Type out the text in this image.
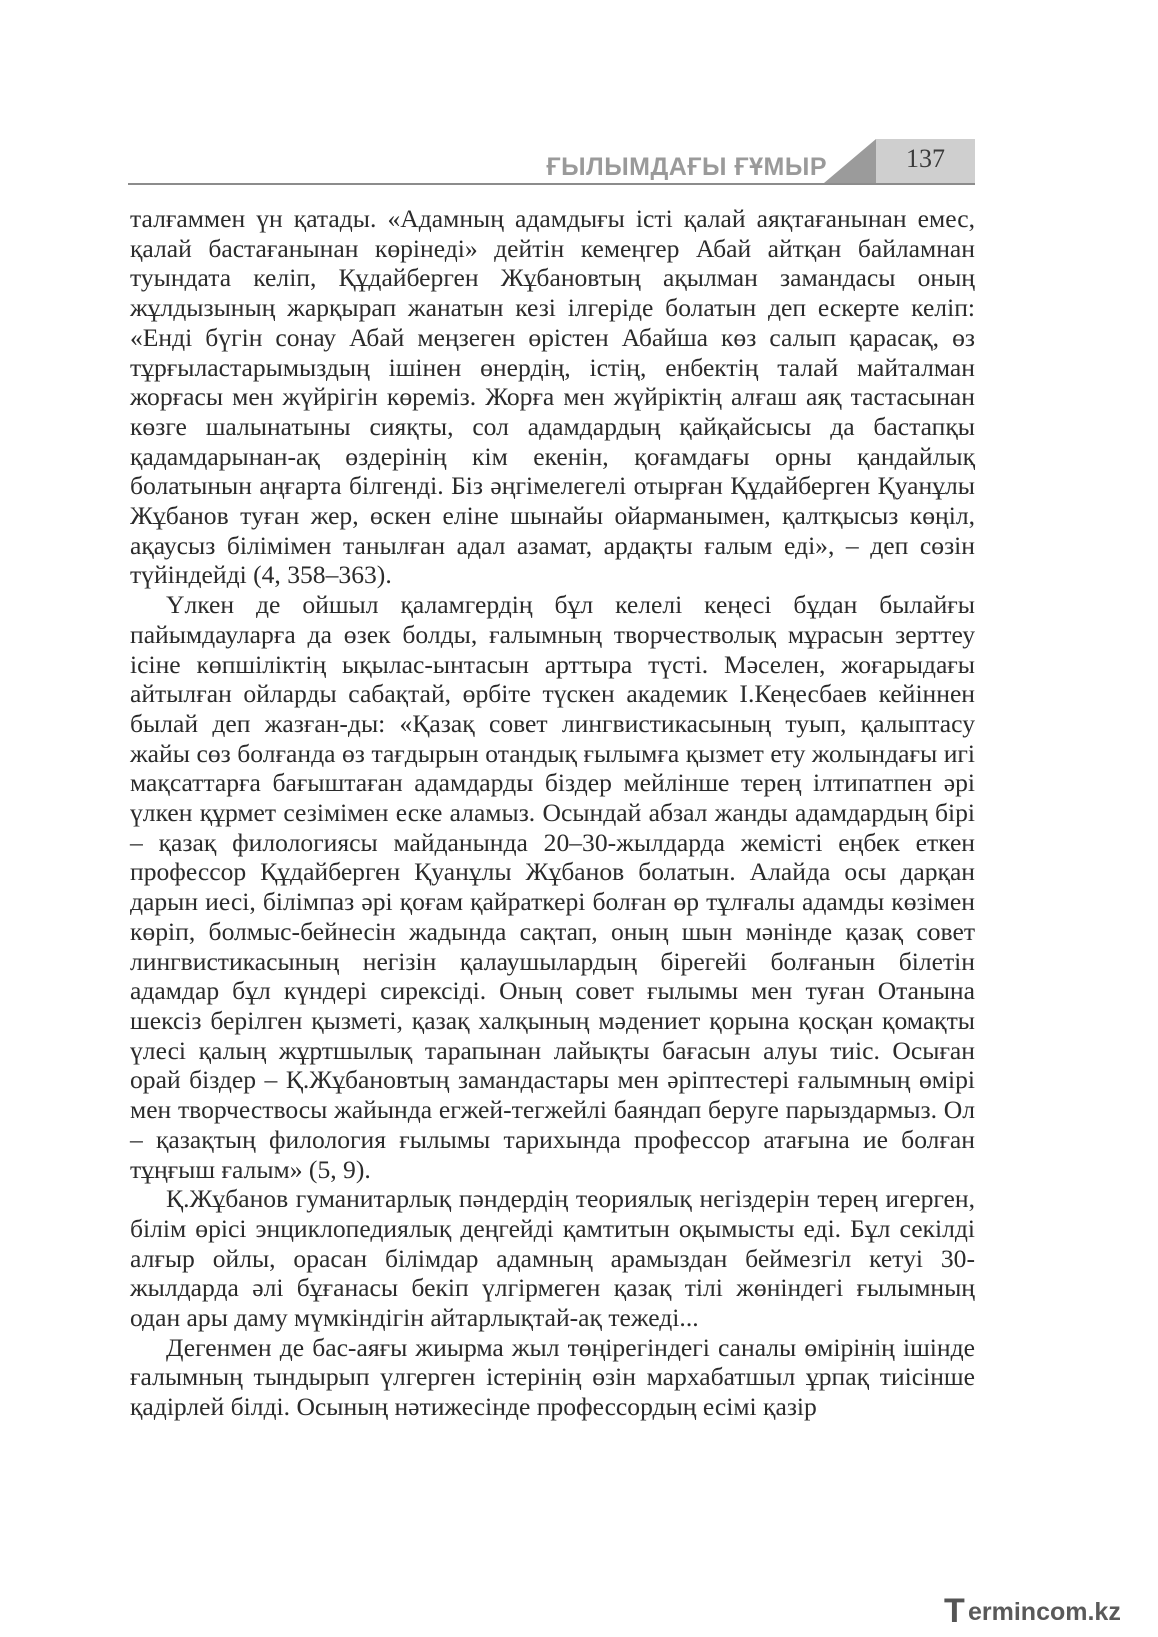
ҒЫЛЫМДАҒЫ ҒҰМЫР	137

талғаммен үн қатады. «Адамның адамдығы істі қалай аяқтағанынан емес, қалай бастағанынан көрінеді» дейтін кемеңгер Абай айтқан байламнан туындата келіп, Құдайберген Жұбановтың ақылман замандасы оның жұлдызының жарқырап жанатын кезі ілгеріде болатын деп ескерте келіп: «Енді бүгін сонау Абай меңзеген өрістен Абайша көз салып қарасақ, өз тұрғыластарымыздың ішінен өнердің, істің, енбектің талай майталман жорғасы мен жүйрігін көреміз. Жорға мен жүйріктің алғаш аяқ тастасынан көзге шалынатыны сияқты, сол адамдардың қайқайсысы да бастапқы қадамдарынан-ақ өздерінің кім екенін, қоғамдағы орны қандайлық болатынын аңғарта білгенді. Біз әңгімелегелі отырған Құдайберген Қуанұлы Жұбанов туған жер, өскен еліне шынайы ойарманымен, қалтқысыз көңіл, ақаусыз білімімен танылған адал азамат, ардақты ғалым еді», – деп сөзін түйіндейді (4, 358–363).

Үлкен де ойшыл қаламгердің бұл келелі кеңесі бұдан былайғы пайымдауларға да өзек болды, ғалымның творчестволық мұрасын зерттеу ісіне көпшіліктің ықылас-ынтасын арттыра түсті. Мәселен, жоғарыдағы айтылған ойларды сабақтай, өрбіте түскен академик І.Кеңесбаев кейіннен былай деп жазған-ды: «Қазақ совет лингвистикасының туып, қалыптасу жайы сөз болғанда өз тағдырын отандық ғылымға қызмет ету жолындағы игі мақсаттарға бағыштаған адамдарды біздер мейлінше терең ілтипатпен әрі үлкен құрмет сезімімен еске аламыз. Осындай абзал жанды адамдардың бірі – қазақ филологиясы майданында 20–30-жылдарда жемісті еңбек еткен профессор Құдайберген Қуанұлы Жұбанов болатын. Алайда осы дарқан дарын иесі, білімпаз әрі қоғам қайраткері болған өр тұлғалы адамды көзімен көріп, болмыс-бейнесін жадында сақтап, оның шын мәнінде қазақ совет лингвистикасының негізін қалаушылардың бірегейі болғанын білетін адамдар бұл күндері сирексіді. Оның совет ғылымы мен туған Отанына шексіз берілген қызметі, қазақ халқының мәдениет қорына қосқан қомақты үлесі қалың жұртшылық тарапынан лайықты бағасын алуы тиіс. Осыған орай біздер – Қ.Жұбановтың замандастары мен әріптестері ғалымның өмірі мен творчествосы жайында егжей-тегжейлі баяндап беруге парыздармыз. Ол – қазақтың филология ғылымы тарихында профессор атағына ие болған тұңғыш ғалым» (5, 9).

Қ.Жұбанов гуманитарлық пәндердің теориялық негіздерін терең игерген, білім өрісі энциклопедиялық деңгейді қамтитын оқымысты еді. Бұл секілді алғыр ойлы, орасан білімдар адамның арамыздан беймезгіл кетуі 30-жылдарда әлі бұғанасы бекіп үлгірмеген қазақ тілі жөніндегі ғылымның одан ары даму мүмкіндігін айтарлықтай-ақ тежеді...

Дегенмен де бас-аяғы жиырма жыл төңірегіндегі саналы өмірінің ішінде ғалымның тындырып үлгерген істерінің өзін мархабатшыл ұрпақ тиісінше қадірлей білді. Осының нәтижесінде профессордың есімі қазір

T ermincom.kz
